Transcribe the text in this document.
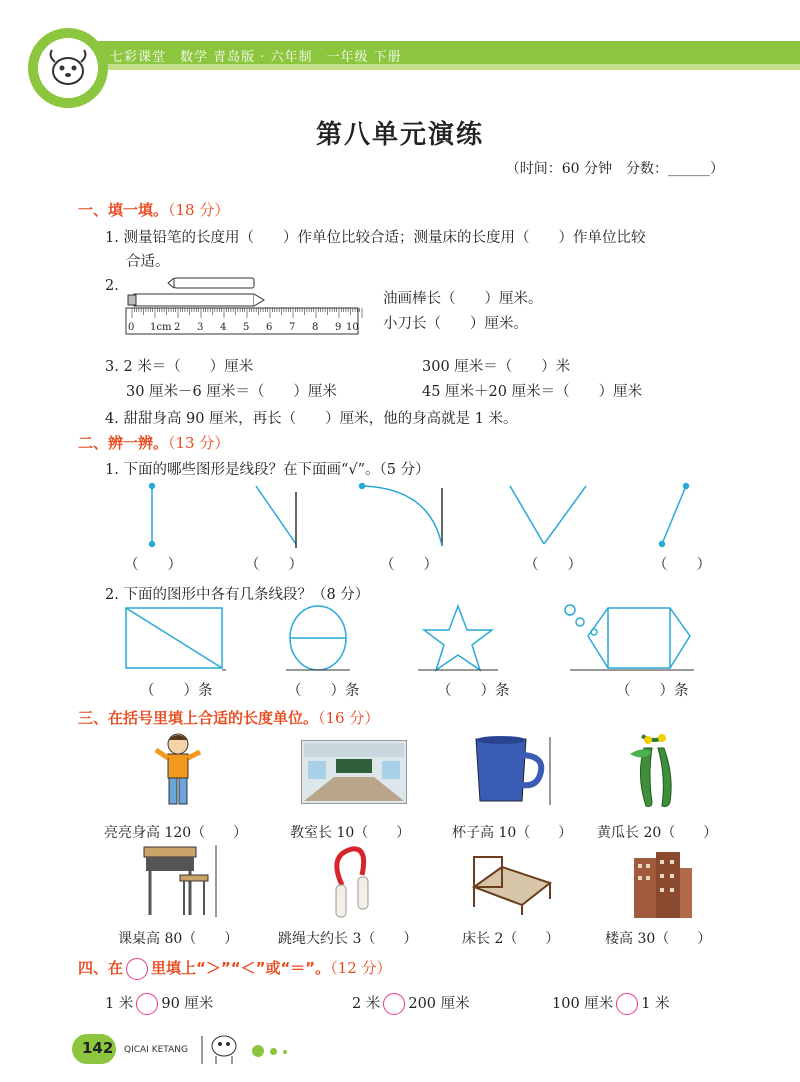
七彩课堂　数学 青岛版 · 六年制　一年级 下册
第八单元演练
（时间：60 分钟　分数：______）
一、填一填。（18 分）
1. 测量铅笔的长度用（　　）作单位比较合适；测量床的长度用（　　）作单位比较
合适。
2.
0 1cm 2 3 4 5 6 7 8 9 10
油画棒长（　　）厘米。
小刀长（　　）厘米。
3. 2 米＝（　　）厘米	300 厘米＝（　　）米
30 厘米－6 厘米＝（　　）厘米	45 厘米＋20 厘米＝（　　）厘米
4. 甜甜身高 90 厘米，再长（　　）厘米，他的身高就是 1 米。
二、辨一辨。（13 分）
1. 下面的哪些图形是线段？在下面画“√”。（5 分）
（　　）	（　　）	（　　）	（　　）	（　　）
2. 下面的图形中各有几条线段？（8 分）
（　　）条	（　　）条	（　　）条	（　　）条
三、在括号里填上合适的长度单位。（16 分）
亮亮身高 120（　　）	教室长 10（　　）	杯子高 10（　　） 黄瓜长 20（　　）
课桌高 80（　　）	跳绳大约长 3（　　）	床长 2（　　）	楼高 30（　　）
四、在 里填上“＞”“＜”或“＝”。（12 分）
1 米 90 厘米	2 米 200 厘米	100 厘米 1 米
142 QICAI KETANG
